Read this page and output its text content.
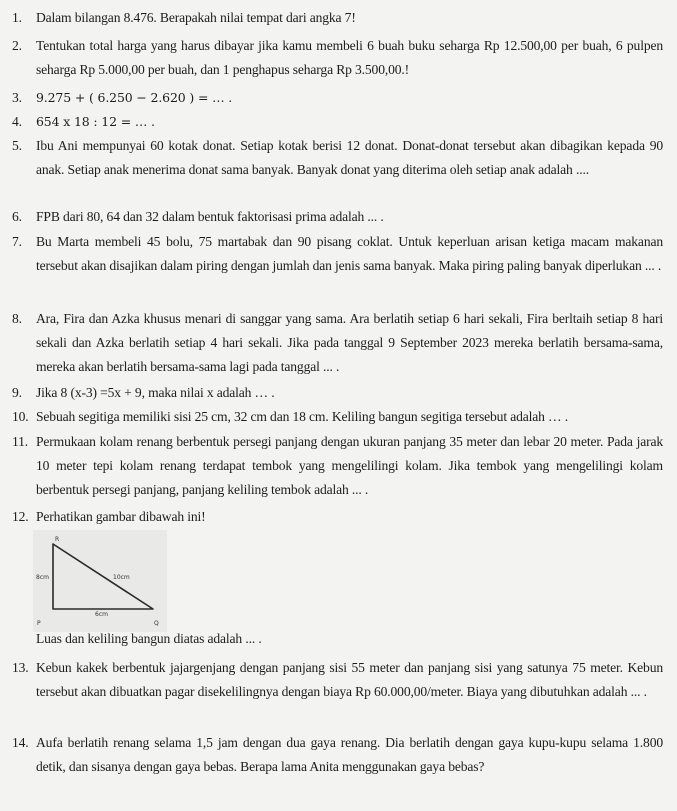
1. Dalam bilangan 8.476. Berapakah nilai tempat dari angka 7!
2. Tentukan total harga yang harus dibayar jika kamu membeli 6 buah buku seharga Rp 12.500,00 per buah, 6 pulpen seharga Rp 5.000,00 per buah, dan 1 penghapus seharga Rp 3.500,00.!
3. 9.275 + ( 6.250 − 2.620 ) = … .
4. 654 x 18 : 12 = … .
5. Ibu Ani mempunyai 60 kotak donat. Setiap kotak berisi 12 donat. Donat-donat tersebut akan dibagikan kepada 90 anak. Setiap anak menerima donat sama banyak. Banyak donat yang diterima oleh setiap anak adalah ....
6. FPB dari 80, 64 dan 32 dalam bentuk faktorisasi prima adalah ... .
7. Bu Marta membeli 45 bolu, 75 martabak dan 90 pisang coklat. Untuk keperluan arisan ketiga macam makanan tersebut akan disajikan dalam piring dengan jumlah dan jenis sama banyak. Maka piring paling banyak diperlukan ... .
8. Ara, Fira dan Azka khusus menari di sanggar yang sama. Ara berlatih setiap 6 hari sekali, Fira berltaih setiap 8 hari sekali dan Azka berlatih setiap 4 hari sekali. Jika pada tanggal 9 September 2023 mereka berlatih bersama-sama, mereka akan berlatih bersama-sama lagi pada tanggal ... .
9. Jika 8 (x-3) =5x + 9, maka nilai x adalah … .
10. Sebuah segitiga memiliki sisi 25 cm, 32 cm dan 18 cm. Keliling bangun segitiga tersebut adalah … .
11. Permukaan kolam renang berbentuk persegi panjang dengan ukuran panjang 35 meter dan lebar 20 meter. Pada jarak 10 meter tepi kolam renang terdapat tembok yang mengelilingi kolam. Jika tembok yang mengelilingi kolam berbentuk persegi panjang, panjang keliling tembok adalah ... .
12. Perhatikan gambar dibawah ini!
R
8cm	10cm
6cm
P	Q
Luas dan keliling bangun diatas adalah ... .
13. Kebun kakek berbentuk jajargenjang dengan panjang sisi 55 meter dan panjang sisi yang satunya 75 meter. Kebun tersebut akan dibuatkan pagar disekelilingnya dengan biaya Rp 60.000,00/meter. Biaya yang dibutuhkan adalah ... .
14. Aufa berlatih renang selama 1,5 jam dengan dua gaya renang. Dia berlatih dengan gaya kupu-kupu selama 1.800 detik, dan sisanya dengan gaya bebas. Berapa lama Anita menggunakan gaya bebas?
